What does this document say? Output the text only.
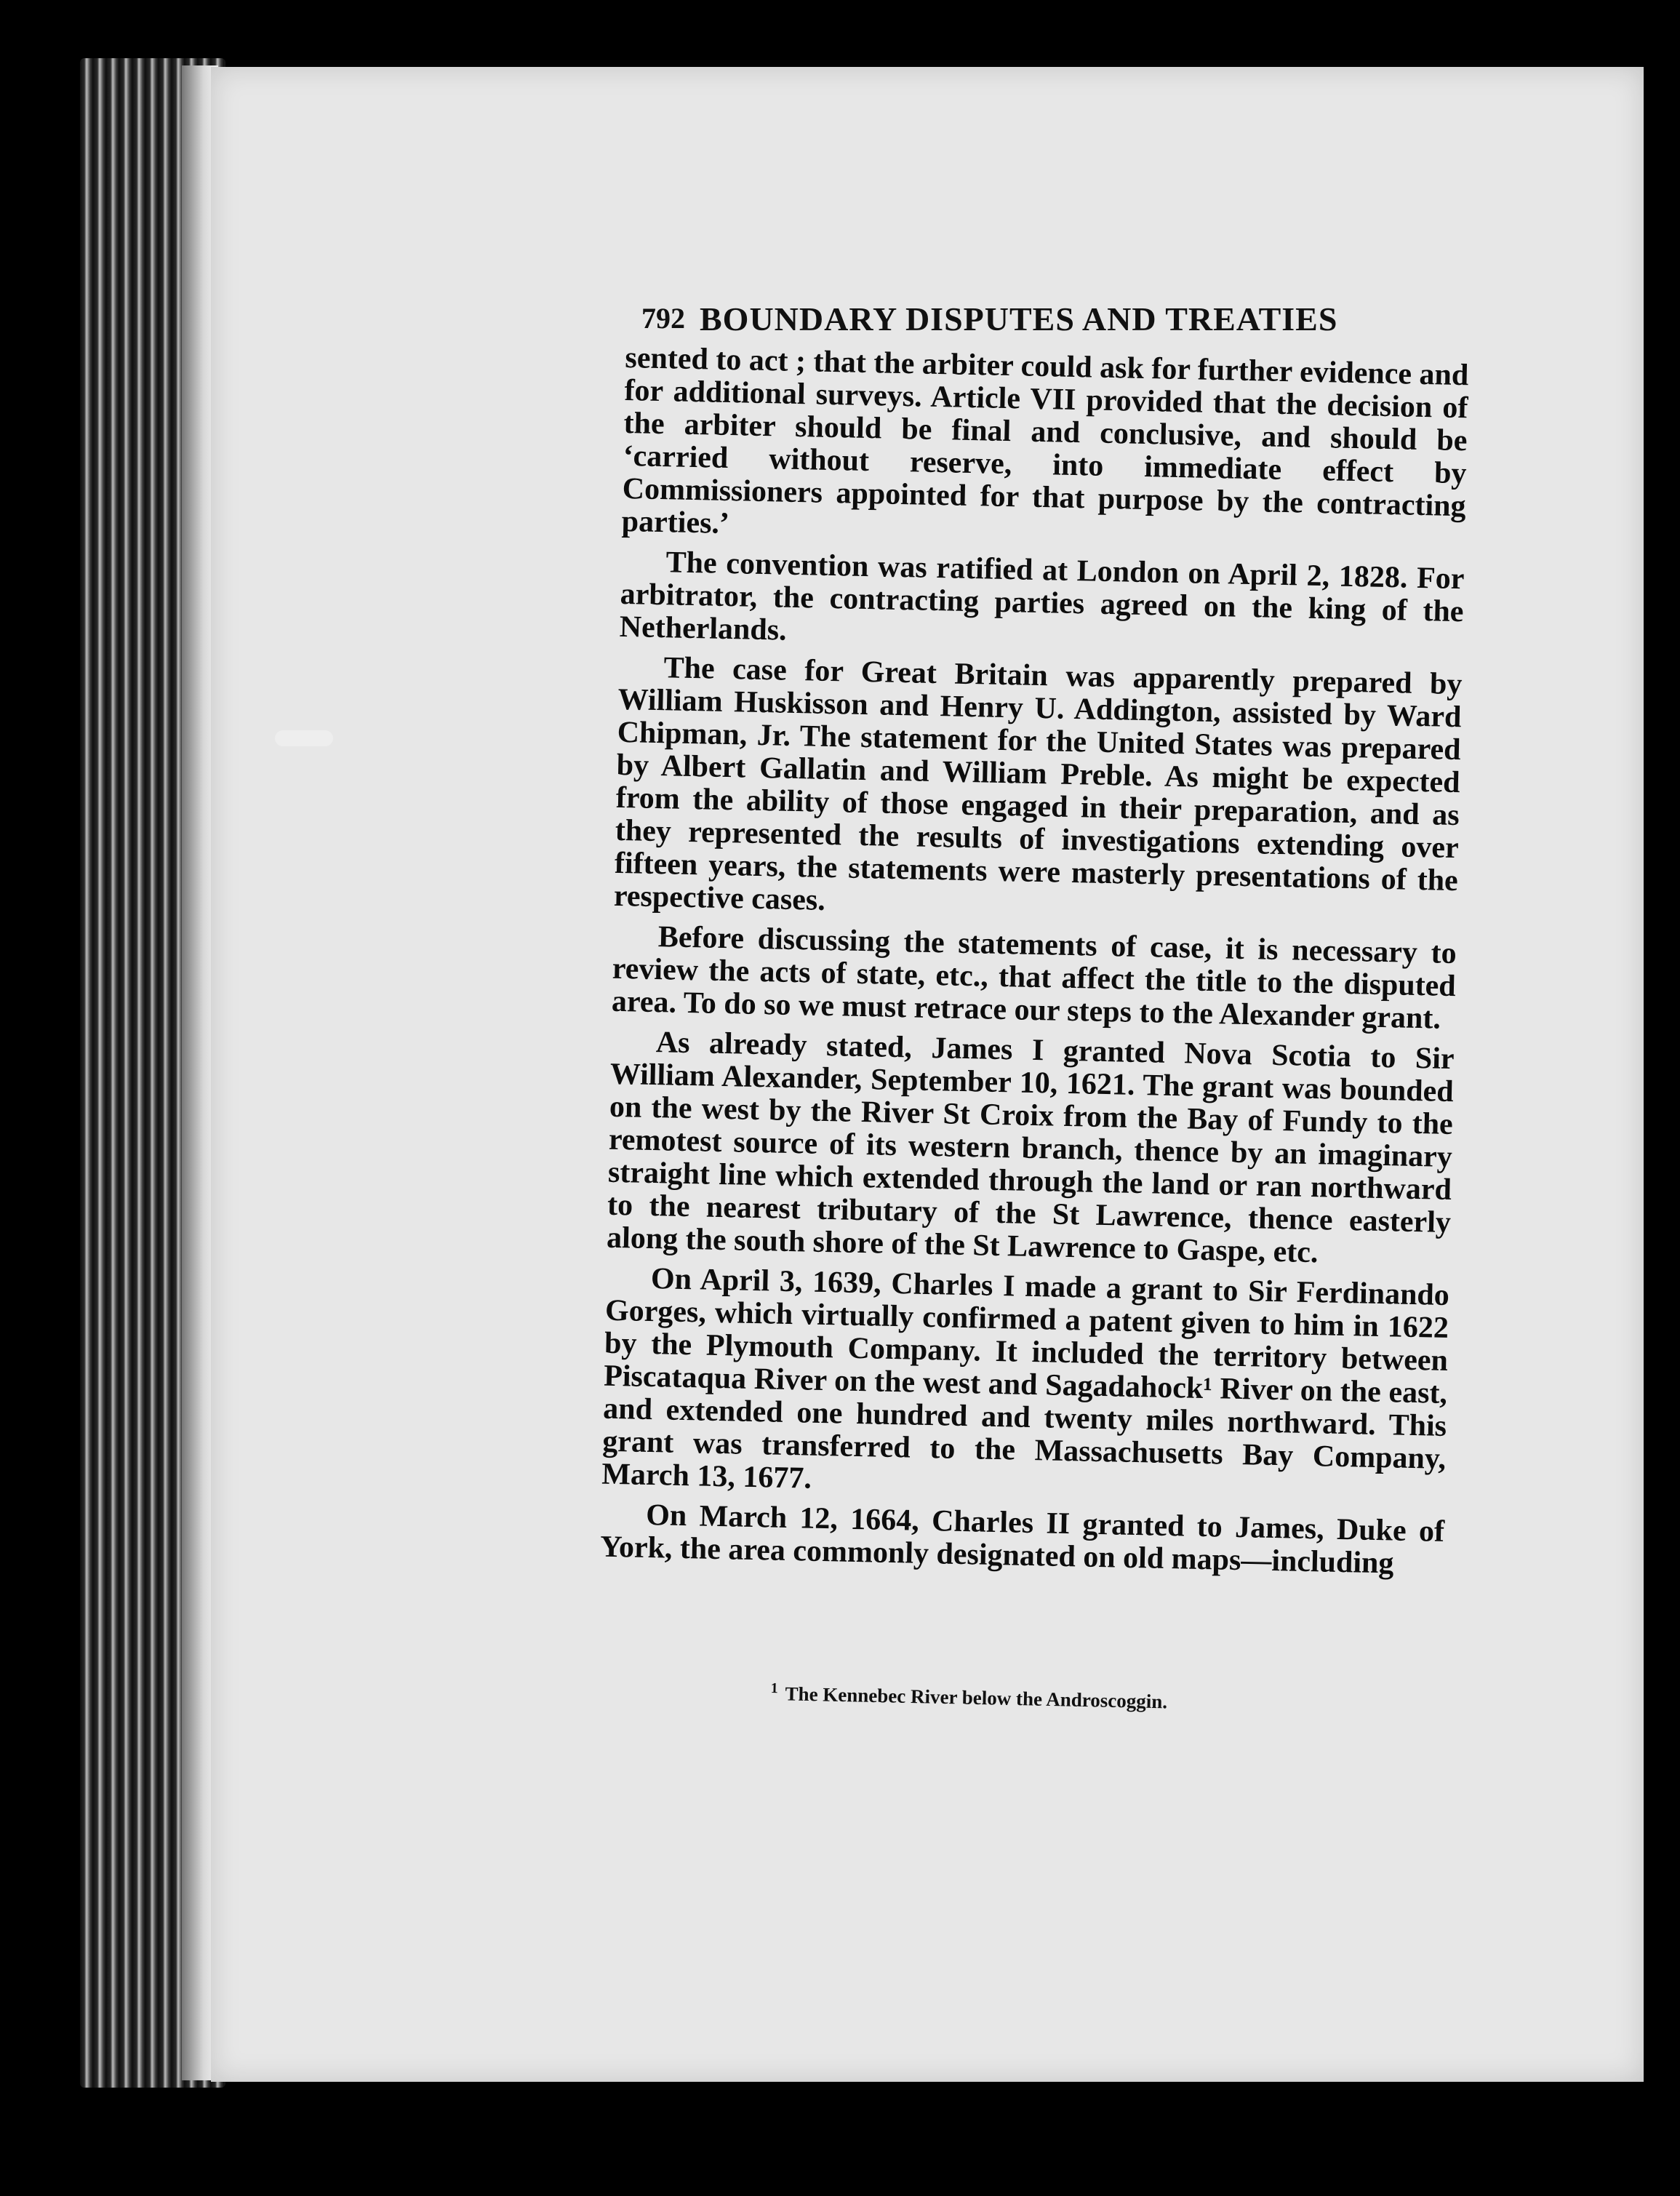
792 BOUNDARY DISPUTES AND TREATIES

sented to act ; that the arbiter could ask for further evidence and for additional surveys. Article VII provided that the decision of the arbiter should be final and conclusive, and should be ‘carried without reserve, into immediate effect by Commissioners appointed for that purpose by the contracting parties.’

The convention was ratified at London on April 2, 1828. For arbitrator, the contracting parties agreed on the king of the Netherlands.

The case for Great Britain was apparently prepared by William Huskisson and Henry U. Addington, assisted by Ward Chipman, Jr. The statement for the United States was prepared by Albert Gallatin and William Preble. As might be expected from the ability of those engaged in their preparation, and as they represented the results of investigations extending over fifteen years, the statements were masterly presentations of the respective cases.

Before discussing the statements of case, it is necessary to review the acts of state, etc., that affect the title to the disputed area. To do so we must retrace our steps to the Alexander grant.

As already stated, James I granted Nova Scotia to Sir William Alexander, September 10, 1621. The grant was bounded on the west by the River St Croix from the Bay of Fundy to the remotest source of its western branch, thence by an imaginary straight line which extended through the land or ran northward to the nearest tributary of the St Lawrence, thence easterly along the south shore of the St Lawrence to Gaspe, etc.

On April 3, 1639, Charles I made a grant to Sir Ferdinando Gorges, which virtually confirmed a patent given to him in 1622 by the Plymouth Company. It included the territory between Piscataqua River on the west and Sagadahock¹ River on the east, and extended one hundred and twenty miles northward. This grant was transferred to the Massachusetts Bay Company, March 13, 1677.

On March 12, 1664, Charles II granted to James, Duke of York, the area commonly designated on old maps—including

$^1$ The Kennebec River below the Androscoggin.
